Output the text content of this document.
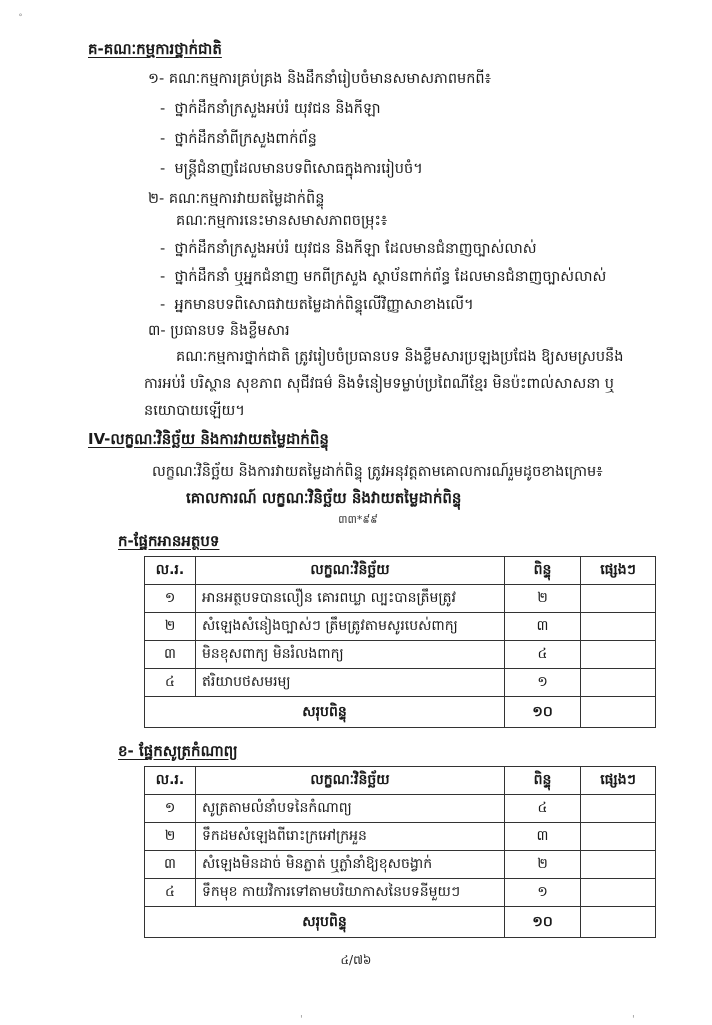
˚
គ-គណៈកម្មការថ្នាក់ជាតិ
១- គណៈកម្មការគ្រប់គ្រង និងដឹកនាំរៀបចំមានសមាសភាពមកពី៖
-  ថ្នាក់ដឹកនាំក្រសួងអប់រំ យុវជន និងកីឡា
-  ថ្នាក់ដឹកនាំពីក្រសួងពាក់ព័ន្ធ
-  មន្ត្រីជំនាញដែលមានបទពិសោធក្នុងការរៀបចំ។
២- គណៈកម្មការវាយតម្លៃដាក់ពិន្ទុ
គណៈកម្មការនេះមានសមាសភាពចម្រុះ៖
-  ថ្នាក់ដឹកនាំក្រសួងអប់រំ យុវជន និងកីឡា ដែលមានជំនាញច្បាស់លាស់
-  ថ្នាក់ដឹកនាំ ឬអ្នកជំនាញ មកពីក្រសួង ស្ថាប័នពាក់ព័ន្ធ ដែលមានជំនាញច្បាស់លាស់
-  អ្នកមានបទពិសោធវាយតម្លៃដាក់ពិន្ទុលើវិញ្ញាសាខាងលើ។
៣- ប្រធានបទ និងខ្លឹមសារ
គណៈកម្មការថ្នាក់ជាតិ ត្រូវរៀបចំប្រធានបទ និងខ្លឹមសារប្រឡងប្រជែង ឱ្យសមស្របនឹង
ការអប់រំ បរិស្ថាន សុខភាព សុជីវធម៌ និងទំនៀមទម្លាប់ប្រពៃណីខ្មែរ មិនប៉ះពាល់សាសនា ឬ
នយោបាយឡើយ។
IV-លក្ខណៈវិនិច្ឆ័យ និងការវាយតម្លៃដាក់ពិន្ទុ
លក្ខណៈវិនិច្ឆ័យ និងការវាយតម្លៃដាក់ពិន្ទុ ត្រូវអនុវត្តតាមគោលការណ៍រួមដូចខាងក្រោម៖
គោលការណ៍ លក្ខណៈវិនិច្ឆ័យ និងវាយតម្លៃដាក់ពិន្ទុ
៣៣*៩៩
ក-ផ្នែកអានអត្ថបទ
ល.រ.	លក្ខណៈវិនិច្ឆ័យ	ពិន្ទុ	ផ្សេងៗ
១	អានអត្ថបទបានលឿន គោរពឃ្លា ល្បះបានត្រឹមត្រូវ	២	
២	សំឡេងសំនៀងច្បាស់ៗ ត្រឹមត្រូវតាមសូរបេស់ពាក្យ	៣	
៣	មិនខុសពាក្យ មិនរំលងពាក្យ	៤	
៤	ឥរិយាបថសមរម្យ	១	
សរុបពិន្ទុ		១០	
ខ- ផ្នែកសូត្រកំណាព្យ
ល.រ.	លក្ខណៈវិនិច្ឆ័យ	ពិន្ទុ	ផ្សេងៗ
១	សូត្រតាមលំនាំបទនៃកំណាព្យ	៤	
២	ទឹកដមសំឡេងពីរោះក្រអៅក្រអួន	៣	
៣	សំឡេងមិនដាច់ មិនភ្លាត់ ឬភ្លាំនាំឱ្យខុសចង្វាក់	២	
៤	ទឹកមុខ កាយវិការទៅតាមបរិយាកាសនៃបទនីមួយៗ	១	
សរុបពិន្ទុ		១០	
៤/៧៦
'	'
